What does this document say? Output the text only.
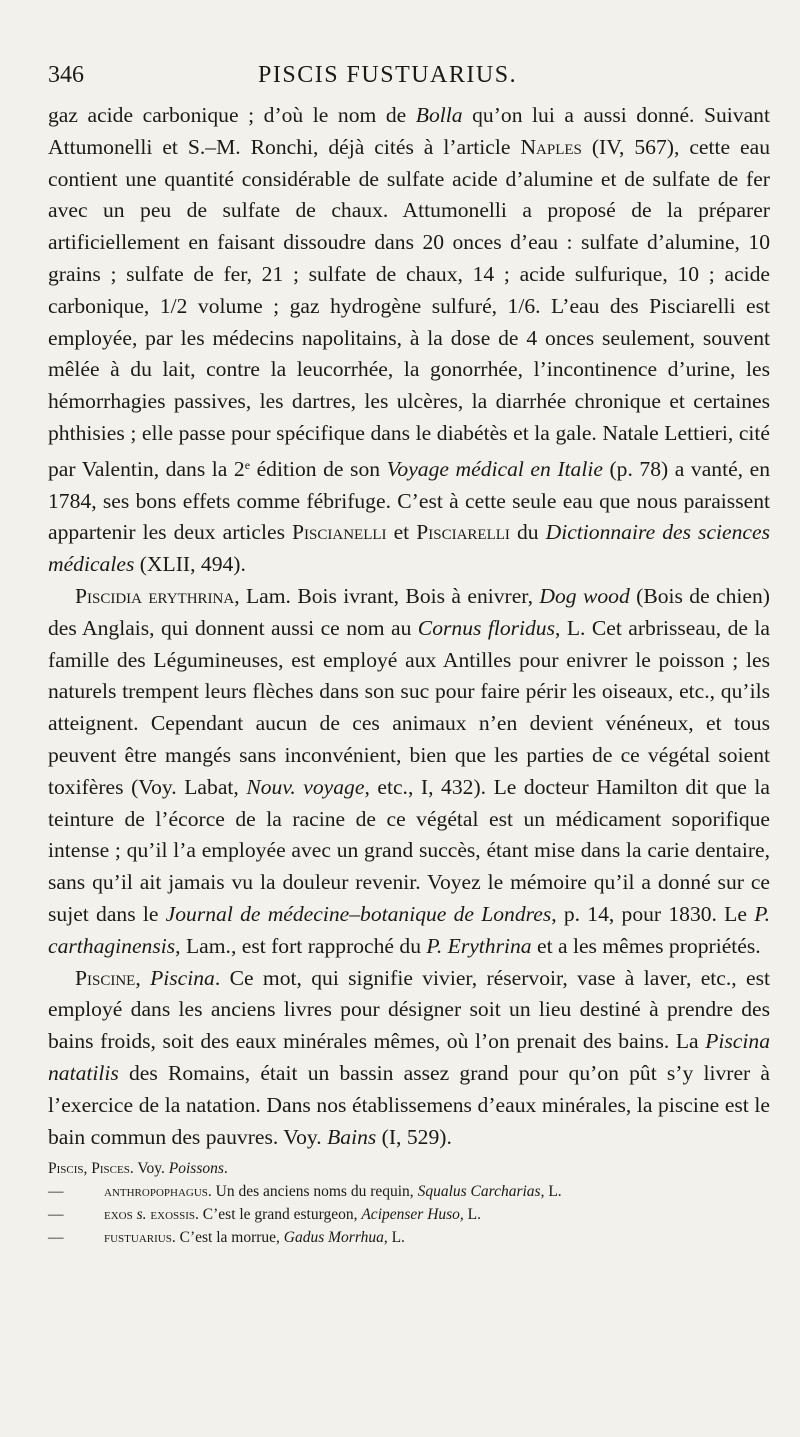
346	PISCIS FUSTUARIUS.

gaz acide carbonique ; d’où le nom de Bolla qu’on lui a aussi donné. Suivant Attumonelli et S.–M. Ronchi, déjà cités à l’article Naples (IV, 567), cette eau contient une quantité considérable de sulfate acide d’alumine et de sulfate de fer avec un peu de sulfate de chaux. Attumonelli a proposé de la préparer artificiellement en faisant dissoudre dans 20 onces d’eau : sulfate d’alumine, 10 grains ; sulfate de fer, 21 ; sulfate de chaux, 14 ; acide sulfurique, 10 ; acide carbonique, 1/2 volume ; gaz hydrogène sulfuré, 1/6. L’eau des Pisciarelli est employée, par les médecins napolitains, à la dose de 4 onces seulement, souvent mêlée à du lait, contre la leucorrhée, la gonorrhée, l’incontinence d’urine, les hémorrhagies passives, les dartres, les ulcères, la diarrhée chronique et certaines phthisies ; elle passe pour spécifique dans le diabétès et la gale. Natale Lettieri, cité par Valentin, dans la 2e édition de son Voyage médical en Italie (p. 78) a vanté, en 1784, ses bons effets comme fébrifuge. C’est à cette seule eau que nous paraissent appartenir les deux articles Piscianelli et Pisciarelli du Dictionnaire des sciences médicales (XLII, 494).

Piscidia erythrina, Lam. Bois ivrant, Bois à enivrer, Dog wood (Bois de chien) des Anglais, qui donnent aussi ce nom au Cornus floridus, L. Cet arbrisseau, de la famille des Légumineuses, est employé aux Antilles pour enivrer le poisson ; les naturels trempent leurs flèches dans son suc pour faire périr les oiseaux, etc., qu’ils atteignent. Cependant aucun de ces animaux n’en devient vénéneux, et tous peuvent être mangés sans inconvénient, bien que les parties de ce végétal soient toxifères (Voy. Labat, Nouv. voyage, etc., I, 432). Le docteur Hamilton dit que la teinture de l’écorce de la racine de ce végétal est un médicament soporifique intense ; qu’il l’a employée avec un grand succès, étant mise dans la carie dentaire, sans qu’il ait jamais vu la douleur revenir. Voyez le mémoire qu’il a donné sur ce sujet dans le Journal de médecine–botanique de Londres, p. 14, pour 1830. Le P. carthaginensis, Lam., est fort rapproché du P. Erythrina et a les mêmes propriétés.

Piscine, Piscina. Ce mot, qui signifie vivier, réservoir, vase à laver, etc., est employé dans les anciens livres pour désigner soit un lieu destiné à prendre des bains froids, soit des eaux minérales mêmes, où l’on prenait des bains. La Piscina natatilis des Romains, était un bassin assez grand pour qu’on pût s’y livrer à l’exercice de la natation. Dans nos établissemens d’eaux minérales, la piscine est le bain commun des pauvres. Voy. Bains (I, 529).

Piscis, Pisces. Voy. Poissons.
—	anthropophagus. Un des anciens noms du requin, Squalus Carcharias, L.
—	exos s. exossis. C’est le grand esturgeon, Acipenser Huso, L.
—	fustuarius. C’est la morrue, Gadus Morrhua, L.
